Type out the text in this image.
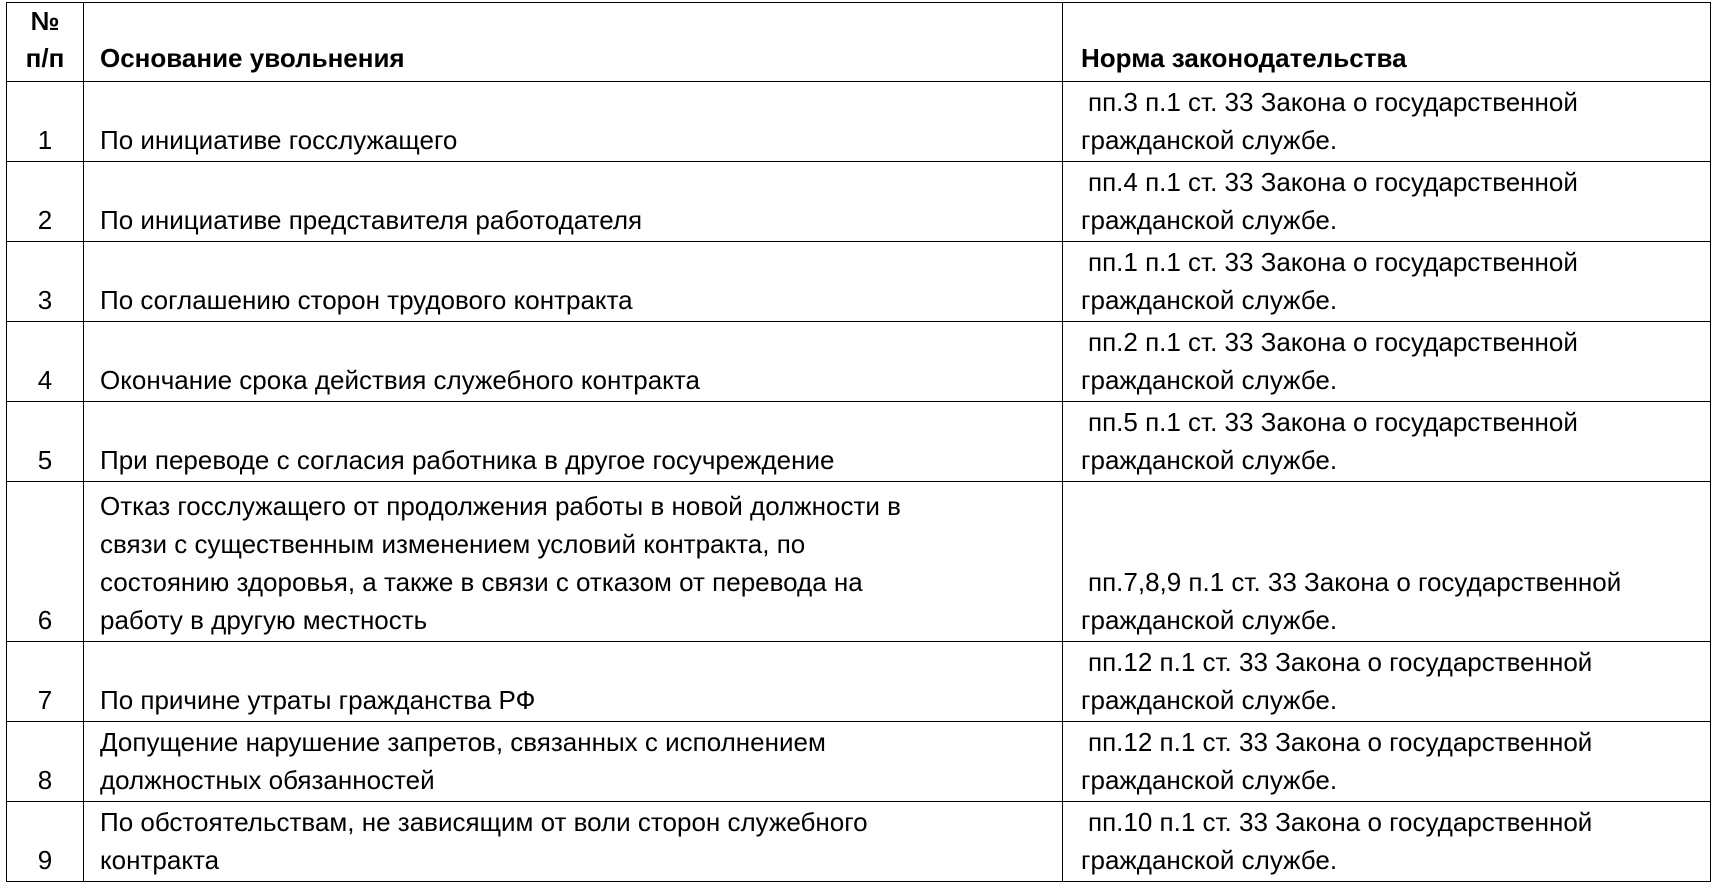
№
п/п	Основание увольнения	Норма законодательства
1	По инициативе госслужащего	пп.3 п.1 ст. 33 Закона о государственной
гражданской службе.

2	По инициативе представителя работодателя	пп.4 п.1 ст. 33 Закона о государственной
гражданской службе.

3	По соглашению сторон трудового контракта	пп.1 п.1 ст. 33 Закона о государственной
гражданской службе.

4	Окончание срока действия служебного контракта	пп.2 п.1 ст. 33 Закона о государственной
гражданской службе.

5	При переводе с согласия работника в другое госучреждение	пп.5 п.1 ст. 33 Закона о государственной
гражданской службе.

6	Отказ госслужащего от продолжения работы в новой должности в
связи с существенным изменением условий контракта, по
состоянию здоровья, а также в связи с отказом от перевода на
работу в другую местность	пп.7,8,9 п.1 ст. 33 Закона о государственной
гражданской службе.

7	По причине утраты гражданства РФ	пп.12 п.1 ст. 33 Закона о государственной
гражданской службе.

8	Допущение нарушение запретов, связанных с исполнением
должностных обязанностей	пп.12 п.1 ст. 33 Закона о государственной
гражданской службе.

9	По обстоятельствам, не зависящим от воли сторон служебного
контракта	пп.10 п.1 ст. 33 Закона о государственной
гражданской службе.
